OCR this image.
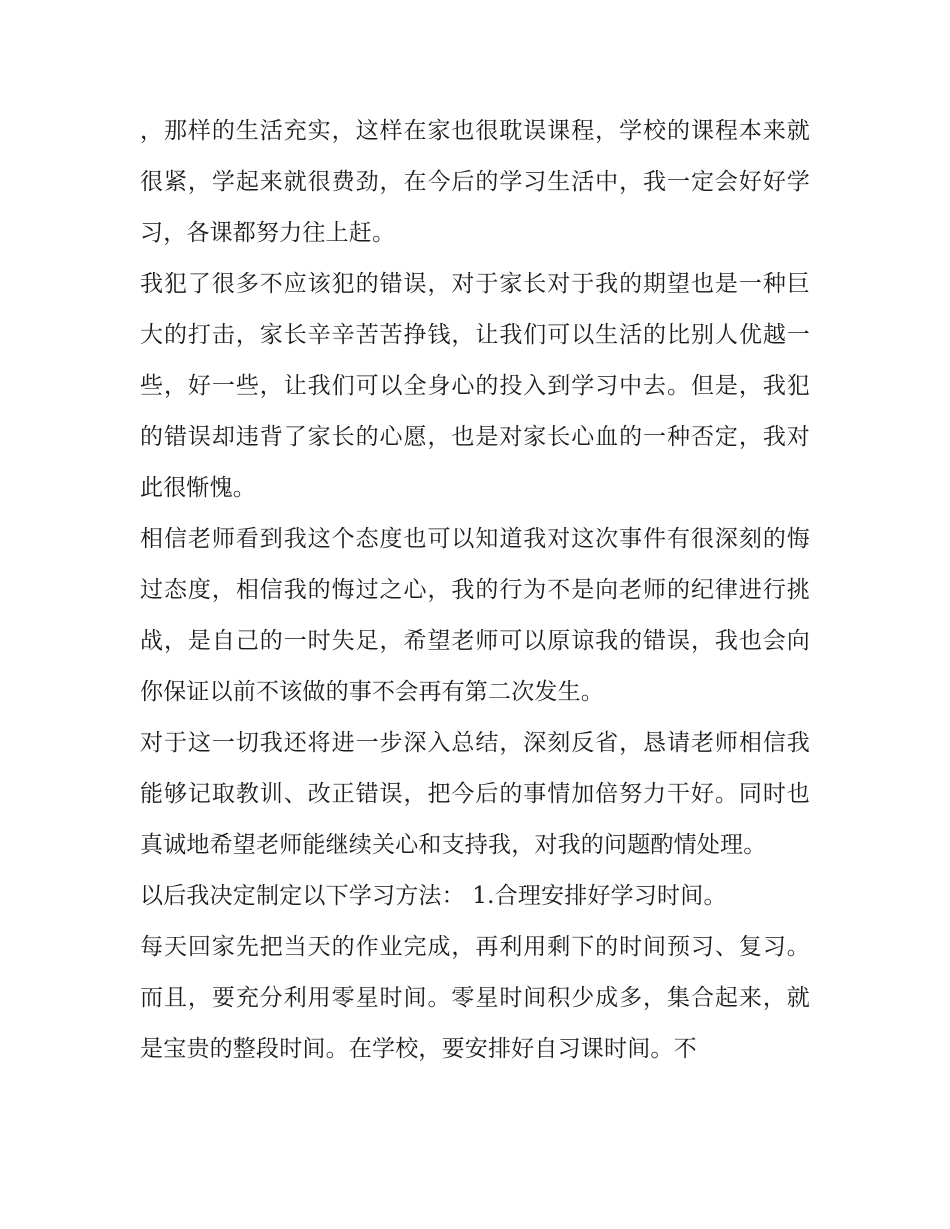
，那样的生活充实，这样在家也很耽误课程，学校的课程本来就很紧，学起来就很费劲，在今后的学习生活中，我一定会好好学习，各课都努力往上赶。

我犯了很多不应该犯的错误，对于家长对于我的期望也是一种巨大的打击，家长辛辛苦苦挣钱，让我们可以生活的比别人优越一些，好一些，让我们可以全身心的投入到学习中去。但是，我犯的错误却违背了家长的心愿，也是对家长心血的一种否定，我对此很惭愧。

相信老师看到我这个态度也可以知道我对这次事件有很深刻的悔过态度，相信我的悔过之心，我的行为不是向老师的纪律进行挑战，是自己的一时失足，希望老师可以原谅我的错误，我也会向你保证以前不该做的事不会再有第二次发生。

对于这一切我还将进一步深入总结，深刻反省，恳请老师相信我能够记取教训、改正错误，把今后的事情加倍努力干好。同时也真诚地希望老师能继续关心和支持我，对我的问题酌情处理。

以后我决定制定以下学习方法： 1.合理安排好学习时间。

每天回家先把当天的作业完成，再利用剩下的时间预习、复习。而且，要充分利用零星时间。零星时间积少成多，集合起来，就是宝贵的整段时间。在学校，要安排好自习课时间。不
